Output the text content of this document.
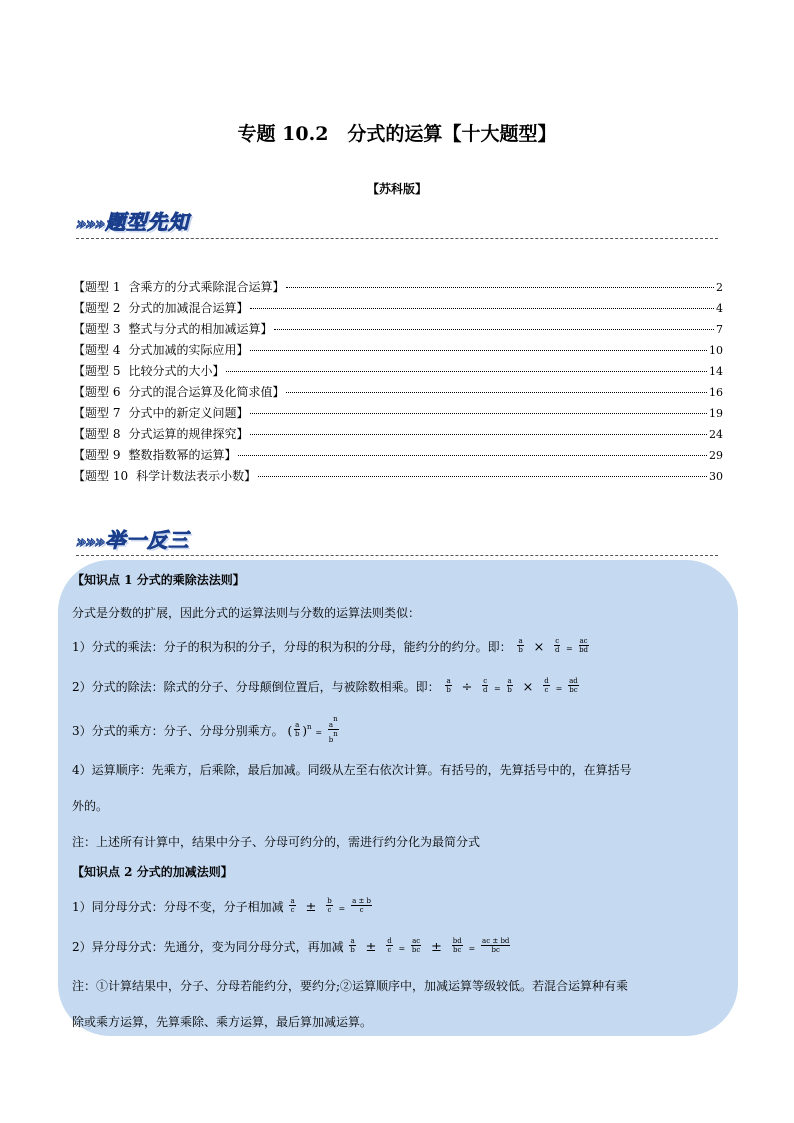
专题 10.2　分式的运算【十大题型】
【苏科版】
»»»题型先知
【题型 1 含乘方的分式乘除混合运算】	2
【题型 2 分式的加减混合运算】	4
【题型 3 整式与分式的相加减运算】	7
【题型 4 分式加减的实际应用】	10
【题型 5 比较分式的大小】	14
【题型 6 分式的混合运算及化简求值】	16
【题型 7 分式中的新定义问题】	19
【题型 8 分式运算的规律探究】	24
【题型 9 整数指数幂的运算】	29
【题型 10 科学计数法表示小数】	30
»»»举一反三
【知识点 1 分式的乘除法法则】
分式是分数的扩展，因此分式的运算法则与分数的运算法则类似：
1）分式的乘法：分子的积为积的分子，分母的积为积的分母，能约分的约分。即： $\frac{a}{b} \times \frac{c}{d} = \frac{ac}{bd}$
2）分式的除法：除式的分子、分母颠倒位置后，与被除数相乘。即： $\frac{a}{b} \div \frac{c}{d} = \frac{a}{b} \times \frac{d}{c} = \frac{ad}{bc}$
3）分式的乘方：分子、分母分别乘方。 ( $\frac{a}{b} )^n = \frac{a^n}{b^n}$
4）运算顺序：先乘方，后乘除，最后加减。同级从左至右依次计算。有括号的，先算括号中的，在算括号
外的。
注：上述所有计算中，结果中分子、分母可约分的，需进行约分化为最简分式
【知识点 2 分式的加减法则】
1）同分母分式：分母不变，分子相加减 $\frac{a}{c} \pm \frac{b}{c} = \frac{a \pm b}{c}$
2）异分母分式：先通分，变为同分母分式，再加减 $\frac{a}{b} \pm \frac{d}{c} = \frac{ac}{bc} \pm \frac{bd}{bc} = \frac{ac \pm bd}{bc}$
注：①计算结果中，分子、分母若能约分，要约分;②运算顺序中，加减运算等级较低。若混合运算种有乘
除或乘方运算，先算乘除、乘方运算，最后算加减运算。
